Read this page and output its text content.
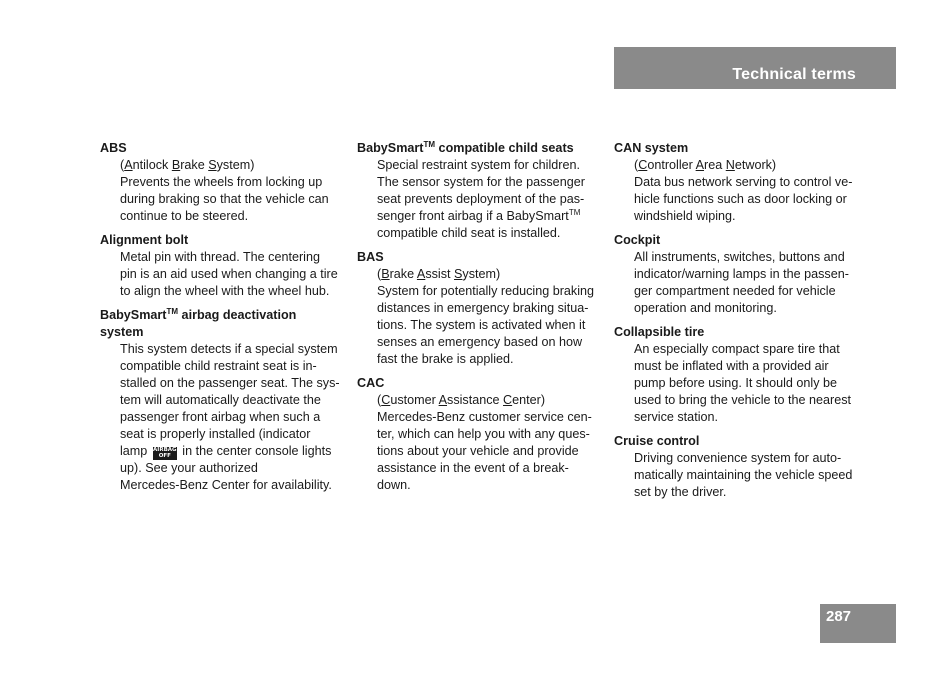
Technical terms
ABS
(Antilock Brake System)
Prevents the wheels from locking up
during braking so that the vehicle can
continue to be steered.
Alignment bolt
Metal pin with thread. The centering
pin is an aid used when changing a tire
to align the wheel with the wheel hub.
BabySmart™ airbag deactivation
system
This system detects if a special system
compatible child restraint seat is in-
stalled on the passenger seat. The sys-
tem will automatically deactivate the
passenger front airbag when such a
seat is properly installed (indicator
lamp AIRBAG
OFF in the center console lights
up). See your authorized
Mercedes-Benz Center for availability.
BabySmart™ compatible child seats
Special restraint system for children.
The sensor system for the passenger
seat prevents deployment of the pas-
senger front airbag if a BabySmart™
compatible child seat is installed.
BAS
(Brake Assist System)
System for potentially reducing braking
distances in emergency braking situa-
tions. The system is activated when it
senses an emergency based on how
fast the brake is applied.
CAC
(Customer Assistance Center)
Mercedes-Benz customer service cen-
ter, which can help you with any ques-
tions about your vehicle and provide
assistance in the event of a break-
down.
CAN system
(Controller Area Network)
Data bus network serving to control ve-
hicle functions such as door locking or
windshield wiping.
Cockpit
All instruments, switches, buttons and
indicator/warning lamps in the passen-
ger compartment needed for vehicle
operation and monitoring.
Collapsible tire
An especially compact spare tire that
must be inflated with a provided air
pump before using. It should only be
used to bring the vehicle to the nearest
service station.
Cruise control
Driving convenience system for auto-
matically maintaining the vehicle speed
set by the driver.
287
